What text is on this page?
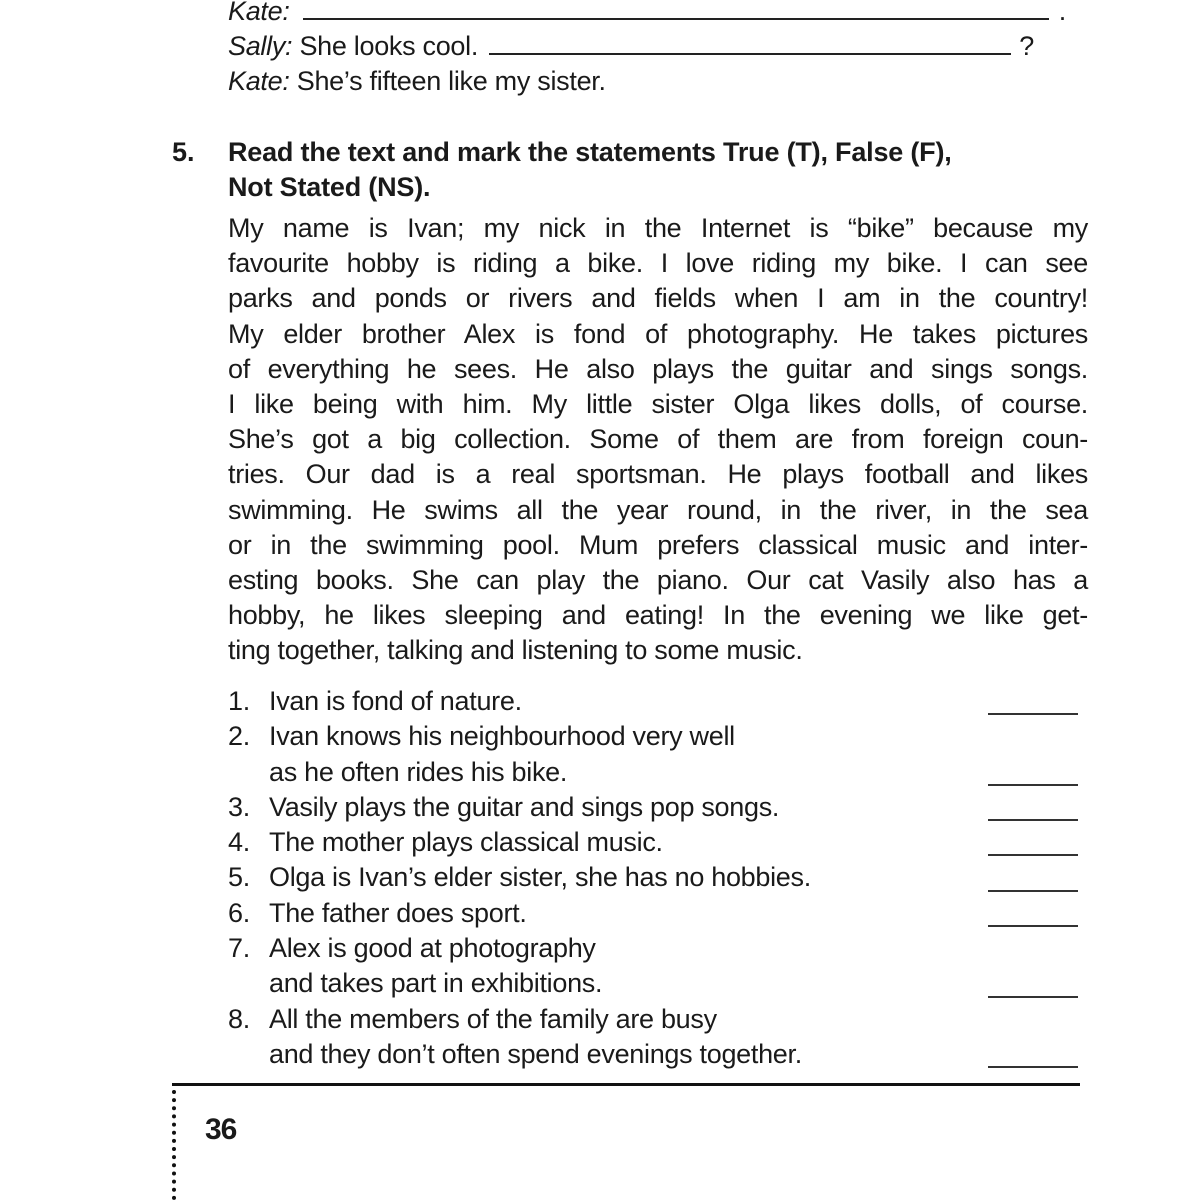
Kate:	.
Sally: She looks cool.	?
Kate: She’s fifteen like my sister.
5. Read the text and mark the statements True (T), False (F),
Not Stated (NS).
My name is Ivan; my nick in the Internet is “bike” because my
favourite hobby is riding a bike. I love riding my bike. I can see
parks and ponds or rivers and fields when I am in the country!
My elder brother Alex is fond of photography. He takes pictures
of everything he sees. He also plays the guitar and sings songs.
I like being with him. My little sister Olga likes dolls, of course.
She’s got a big collection. Some of them are from foreign coun-
tries. Our dad is a real sportsman. He plays football and likes
swimming. He swims all the year round, in the river, in the sea
or in the swimming pool. Mum prefers classical music and inter-
esting books. She can play the piano. Our cat Vasily also has a
hobby, he likes sleeping and eating! In the evening we like get-
ting together, talking and listening to some music.
1. Ivan is fond of nature.
2. Ivan knows his neighbourhood very well
as he often rides his bike.
3. Vasily plays the guitar and sings pop songs.
4. The mother plays classical music.
5. Olga is Ivan’s elder sister, she has no hobbies.
6. The father does sport.
7. Alex is good at photography
and takes part in exhibitions.
8. All the members of the family are busy
and they don’t often spend evenings together.
36
